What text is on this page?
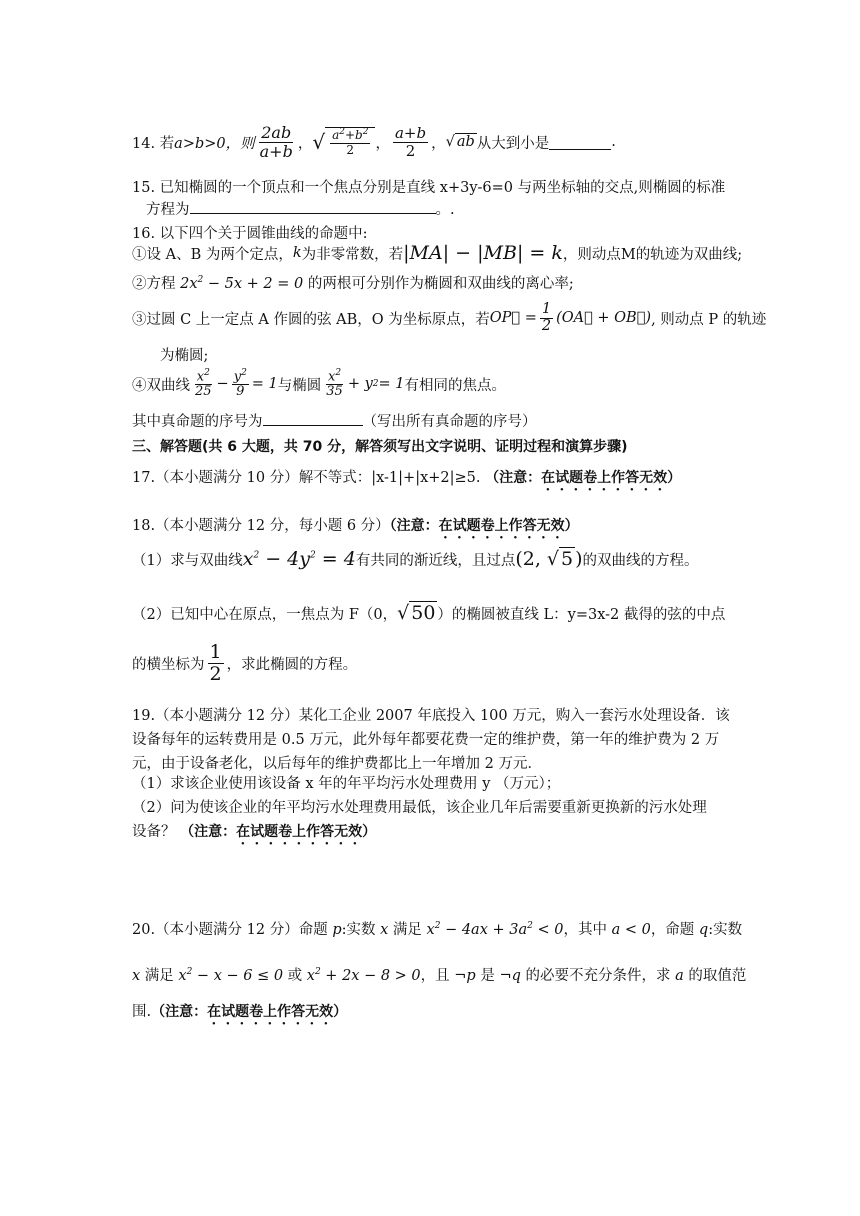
14. 若 a>b>0，则 $\frac{2ab}{a+b}$ ， √ $\frac{a^2+b^2}{2}$ ， $\frac{a+b}{2}$ ， √ ab 从大到小是	.
15. 已知椭圆的一个顶点和一个焦点分别是直线 x+3y-6=0 与两坐标轴的交点,则椭圆的标准
方程为	。.
16. 以下四个关于圆锥曲线的命题中:
①设 A、B 为两个定点， k 为非零常数，若 |MA| − |MB| = k ，则动点M的轨迹为双曲线;
②方程 $2x^2 - 5x + 2 = 0$ 的两根可分别作为椭圆和双曲线的离心率;
③过圆 C 上一定点 A 作圆的弦 AB，O 为坐标原点，若 OP⃗ = $\frac{1}{2}$ (OA⃗ + OB⃗) , 则动点 P 的轨迹
为椭圆;
④双曲线 $\frac{x^2}{25} - \frac{y^2}{9} = 1$ 与椭圆 $\frac{x^2}{35} + y$ 2 = 1 有相同的焦点。
其中真命题的序号为	（写出所有真命题的序号）
三、解答题(共 6 大题，共 70 分，解答须写出文字说明、证明过程和演算步骤)
17.（本小题满分 10 分）解不等式：|x-1|+|x+2|≥5. （注意：在试题卷上作答无效）
18.（本小题满分 12 分，每小题 6 分）（注意：在试题卷上作答无效）
（1）求与双曲线 $x^2 - 4y^2 = 4$ 有共同的渐近线，且过点 (2, √ 5 ) 的双曲线的方程。
（2）已知中心在原点，一焦点为 F（0， √ 50 ）的椭圆被直线 L：y=3x-2 截得的弦的中点
的横坐标为 $\frac{1}{2}$ ，求此椭圆的方程。
19.（本小题满分 12 分）某化工企业 2007 年底投入 100 万元，购入一套污水处理设备．该
设备每年的运转费用是 0.5 万元，此外每年都要花费一定的维护费，第一年的维护费为 2 万
元，由于设备老化，以后每年的维护费都比上一年增加 2 万元．
（1）求该企业使用该设备 x 年的年平均污水处理费用 y （万元）；
（2）问为使该企业的年平均污水处理费用最低，该企业几年后需要重新更换新的污水处理
设备？ （注意：在试题卷上作答无效）
20.（本小题满分 12 分）命题 p:实数 x 满足 $x^2 - 4ax + 3a^2 < 0$，其中 a < 0，命题 q:实数
x 满足 $x^2 - x - 6 \le 0$ 或 $x^2 + 2x - 8 > 0$，且 ¬p 是 ¬q 的必要不充分条件，求 a 的取值范
围.（注意：在试题卷上作答无效）
